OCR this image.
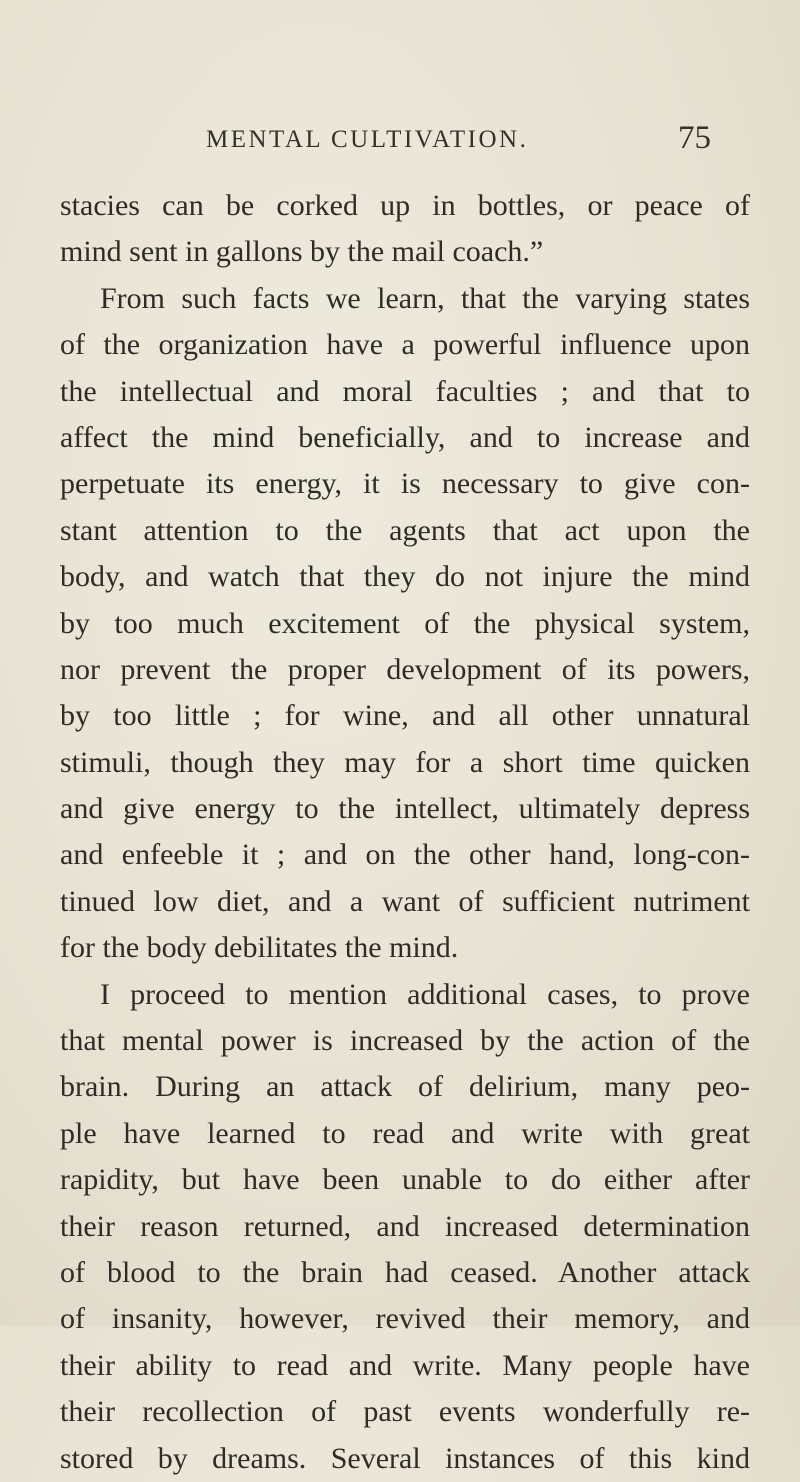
MENTAL CULTIVATION.	75
stacies can be corked up in bottles, or peace of
mind sent in gallons by the mail coach.”
From such facts we learn, that the varying states
of the organization have a powerful influence upon
the intellectual and moral faculties ; and that to
affect the mind beneficially, and to increase and
perpetuate its energy, it is necessary to give con-
stant attention to the agents that act upon the
body, and watch that they do not injure the mind
by too much excitement of the physical system,
nor prevent the proper development of its powers,
by too little ; for wine, and all other unnatural
stimuli, though they may for a short time quicken
and give energy to the intellect, ultimately depress
and enfeeble it ; and on the other hand, long-con-
tinued low diet, and a want of sufficient nutriment
for the body debilitates the mind.
I proceed to mention additional cases, to prove
that mental power is increased by the action of the
brain. During an attack of delirium, many peo-
ple have learned to read and write with great
rapidity, but have been unable to do either after
their reason returned, and increased determination
of blood to the brain had ceased. Another attack
of insanity, however, revived their memory, and
their ability to read and write. Many people have
their recollection of past events wonderfully re-
stored by dreams. Several instances of this kind
